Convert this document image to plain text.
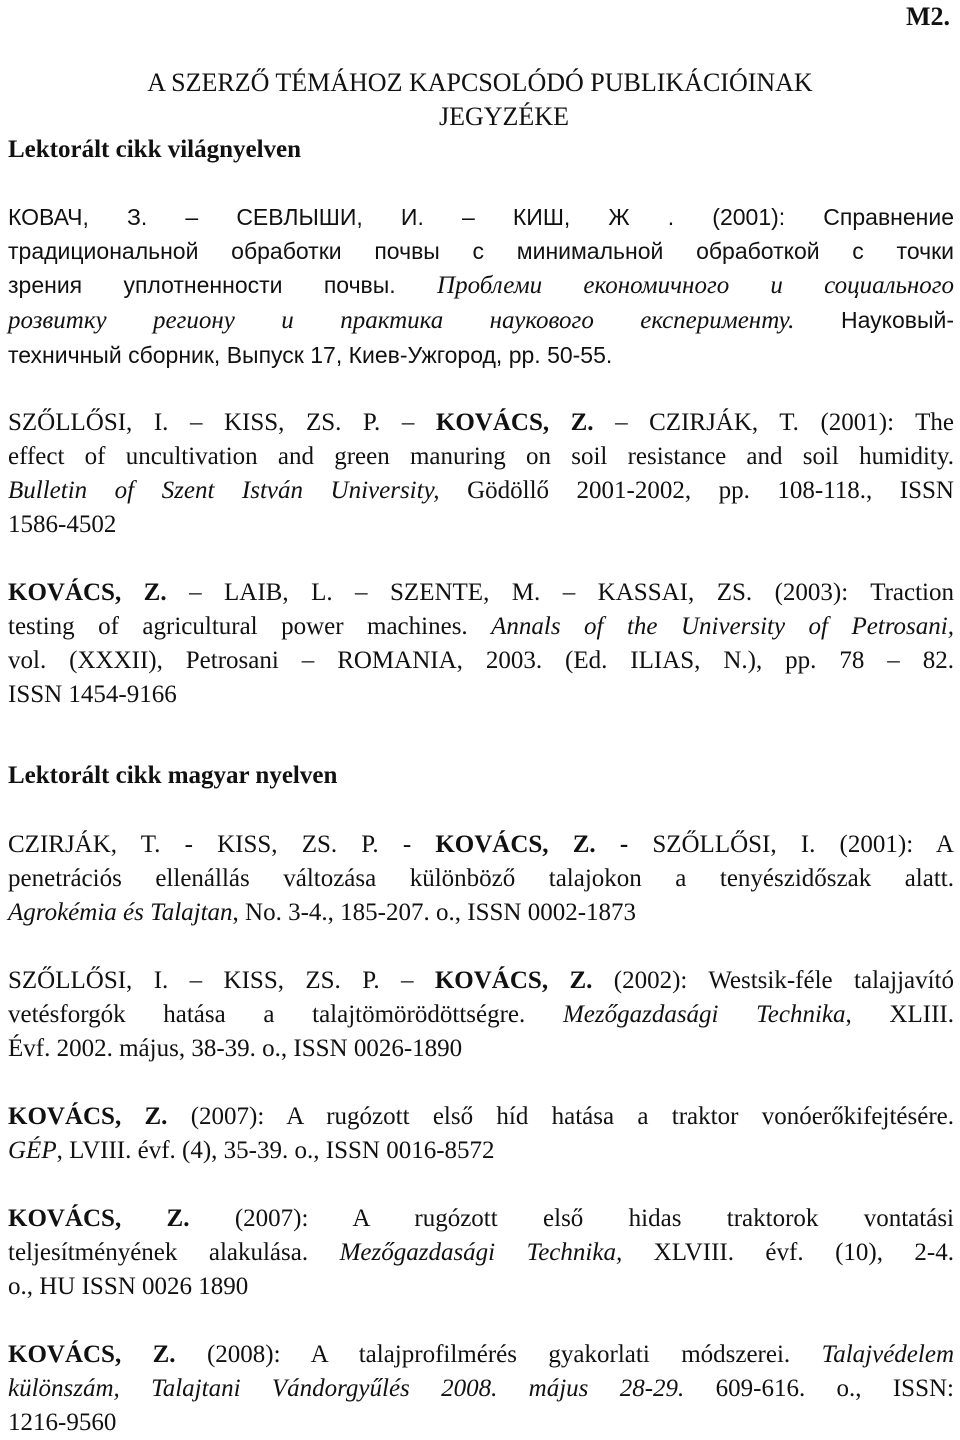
M2.
A SZERZŐ TÉMÁHOZ KAPCSOLÓDÓ PUBLIKÁCIÓINAK
JEGYZÉKE
Lektorált cikk világnyelven
КОВАЧ, З. – СЕВЛЫШИ, И. – КИШ, Ж . (2001): Справнение
традициональной обработки почвы с минимальной обработкой с точки
зрения уплотненности почвы. Проблеми економичного и социального
розвитку региону и практика наукового експерименту. Науковый-
техничный сборник, Выпуск 17, Киев-Ужгород, pp. 50-55.
SZŐLLŐSI, I. – KISS, ZS. P. – KOVÁCS, Z. – CZIRJÁK, T. (2001): The
effect of uncultivation and green manuring on soil resistance and soil humidity.
Bulletin of Szent István University, Gödöllő 2001-2002, pp. 108-118., ISSN
1586-4502
KOVÁCS, Z. – LAIB, L. – SZENTE, M. – KASSAI, ZS. (2003): Traction
testing of agricultural power machines. Annals of the University of Petrosani,
vol. (XXXII), Petrosani – ROMANIA, 2003. (Ed. ILIAS, N.), pp. 78 – 82.
ISSN 1454-9166
Lektorált cikk magyar nyelven
CZIRJÁK, T. - KISS, ZS. P. - KOVÁCS, Z. - SZŐLLŐSI, I. (2001): A
penetrációs ellenállás változása különböző talajokon a tenyészidőszak alatt.
Agrokémia és Talajtan, No. 3-4., 185-207. o., ISSN 0002-1873
SZŐLLŐSI, I. – KISS, ZS. P. – KOVÁCS, Z. (2002): Westsik-féle talajjavító
vetésforgók hatása a talajtömörödöttségre. Mezőgazdasági Technika, XLIII.
Évf. 2002. május, 38-39. o., ISSN 0026-1890
KOVÁCS, Z. (2007): A rugózott első híd hatása a traktor vonóerőkifejtésére.
GÉP, LVIII. évf. (4), 35-39. o., ISSN 0016-8572
KOVÁCS, Z. (2007): A rugózott első hidas traktorok vontatási
teljesítményének alakulása. Mezőgazdasági Technika, XLVIII. évf. (10), 2-4.
o., HU ISSN 0026 1890
KOVÁCS, Z. (2008): A talajprofilmérés gyakorlati módszerei. Talajvédelem
különszám, Talajtani Vándorgyűlés 2008. május 28-29. 609-616. o., ISSN:
1216-9560
